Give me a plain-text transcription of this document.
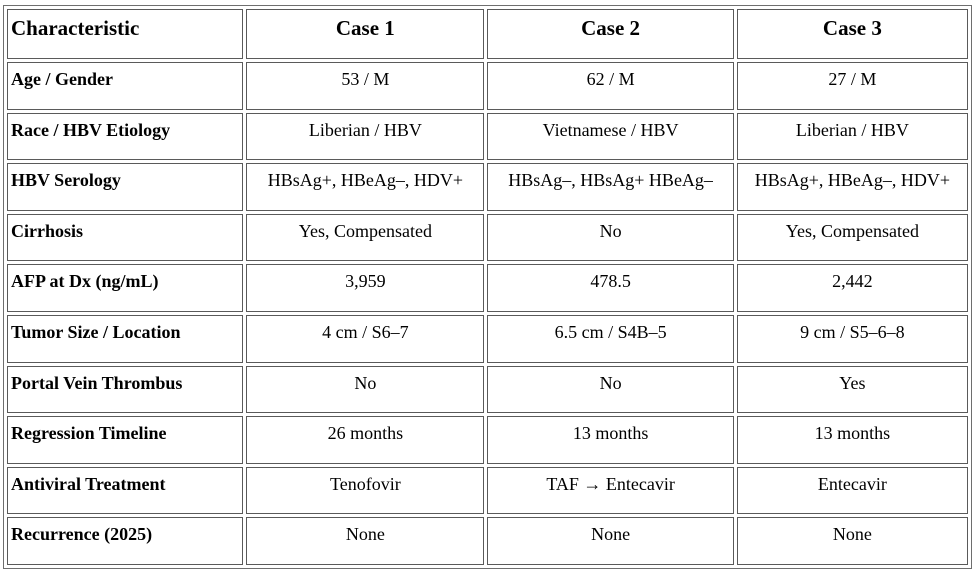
Characteristic	Case 1	Case 2	Case 3
Age / Gender	53 / M	62 / M	27 / M
Race / HBV Etiology	Liberian / HBV	Vietnamese / HBV	Liberian / HBV
HBV Serology	HBsAg+, HBeAg–, HDV+	HBsAg–, HBsAg+ HBeAg–	HBsAg+, HBeAg–, HDV+
Cirrhosis	Yes, Compensated	No	Yes, Compensated
AFP at Dx (ng/mL)	3,959	478.5	2,442
Tumor Size / Location	4 cm / S6–7	6.5 cm / S4B–5	9 cm / S5–6–8
Portal Vein Thrombus	No	No	Yes
Regression Timeline	26 months	13 months	13 months
Antiviral Treatment	Tenofovir	TAF → Entecavir	Entecavir
Recurrence (2025)	None	None	None
